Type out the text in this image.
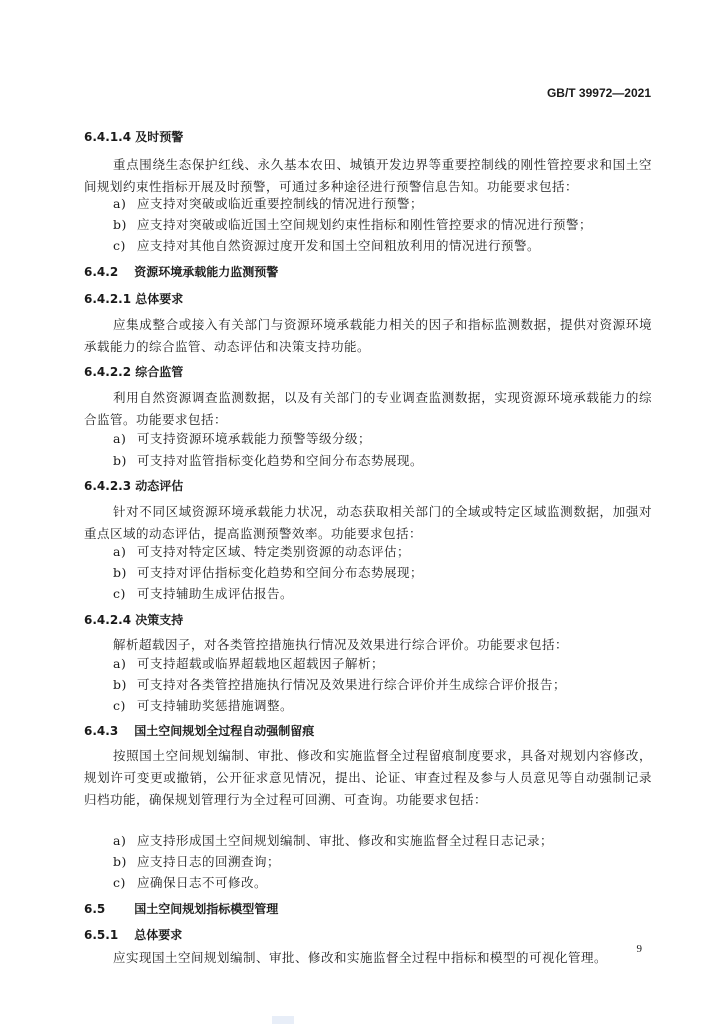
GB/T 39972—2021
6.4.1.4 及时预警
重点围绕生态保护红线、永久基本农田、城镇开发边界等重要控制线的刚性管控要求和国土空间规划约束性指标开展及时预警，可通过多种途径进行预警信息告知。功能要求包括：
a) 应支持对突破或临近重要控制线的情况进行预警；
b) 应支持对突破或临近国土空间规划约束性指标和刚性管控要求的情况进行预警；
c) 应支持对其他自然资源过度开发和国土空间粗放利用的情况进行预警。
6.4.2 资源环境承载能力监测预警
6.4.2.1 总体要求
应集成整合或接入有关部门与资源环境承载能力相关的因子和指标监测数据，提供对资源环境承载能力的综合监管、动态评估和决策支持功能。
6.4.2.2 综合监管
利用自然资源调查监测数据，以及有关部门的专业调查监测数据，实现资源环境承载能力的综合监管。功能要求包括：
a) 可支持资源环境承载能力预警等级分级；
b) 可支持对监管指标变化趋势和空间分布态势展现。
6.4.2.3 动态评估
针对不同区域资源环境承载能力状况，动态获取相关部门的全域或特定区域监测数据，加强对重点区域的动态评估，提高监测预警效率。功能要求包括：
a) 可支持对特定区域、特定类别资源的动态评估；
b) 可支持对评估指标变化趋势和空间分布态势展现；
c) 可支持辅助生成评估报告。
6.4.2.4 决策支持
解析超载因子，对各类管控措施执行情况及效果进行综合评价。功能要求包括：
a) 可支持超载或临界超载地区超载因子解析；
b) 可支持对各类管控措施执行情况及效果进行综合评价并生成综合评价报告；
c) 可支持辅助奖惩措施调整。
6.4.3 国土空间规划全过程自动强制留痕
按照国土空间规划编制、审批、修改和实施监督全过程留痕制度要求，具备对规划内容修改，规划许可变更或撤销，公开征求意见情况，提出、论证、审查过程及参与人员意见等自动强制记录归档功能，确保规划管理行为全过程可回溯、可查询。功能要求包括：
a) 应支持形成国土空间规划编制、审批、修改和实施监督全过程日志记录；
b) 应支持日志的回溯查询；
c) 应确保日志不可修改。
6.5 国土空间规划指标模型管理
6.5.1 总体要求
应实现国土空间规划编制、审批、修改和实施监督全过程中指标和模型的可视化管理。
9
